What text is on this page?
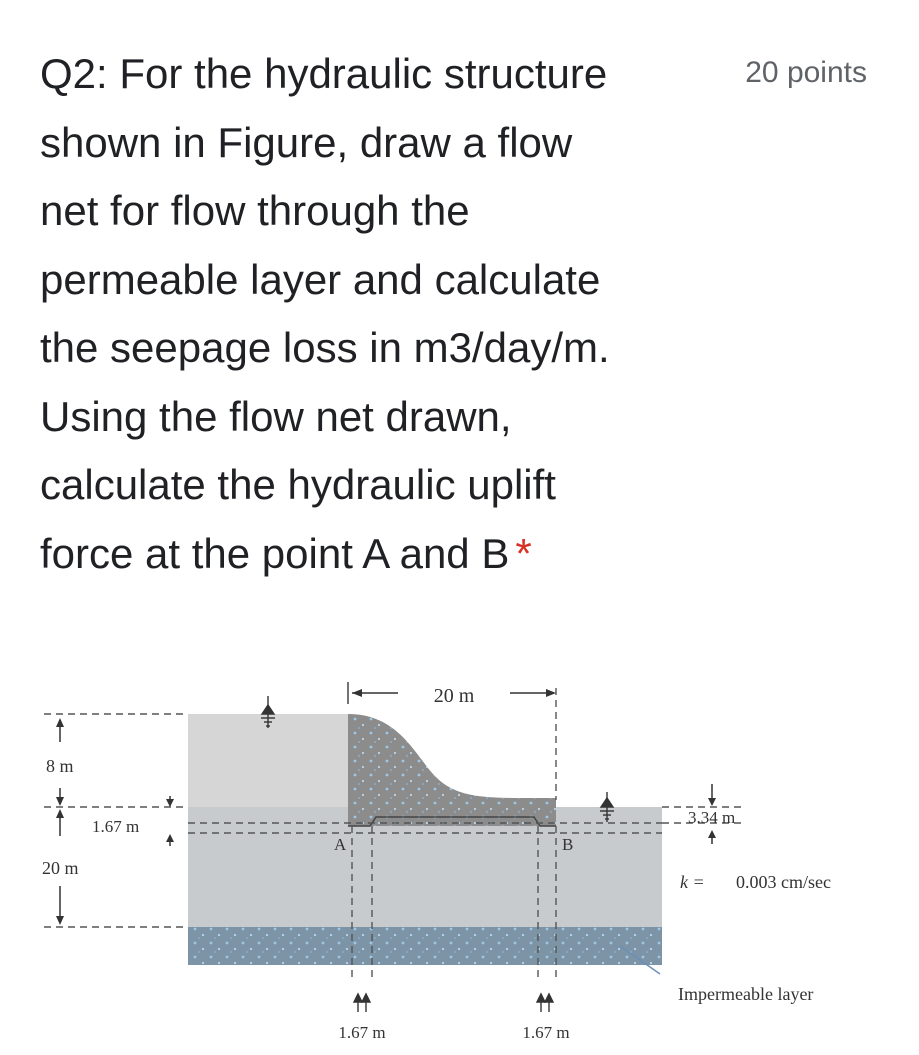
Q2: For the hydraulic structure
shown in Figure, draw a flow
net for flow through the
permeable layer and calculate
the seepage loss in m3/day/m.
Using the flow net drawn,
calculate the hydraulic uplift
force at the point A and B *
20 points
20 m
8 m
20 m
1.67 m
A	B
3.34 m
k = 0.003 cm/sec
Impermeable layer
1.67 m	1.67 m
